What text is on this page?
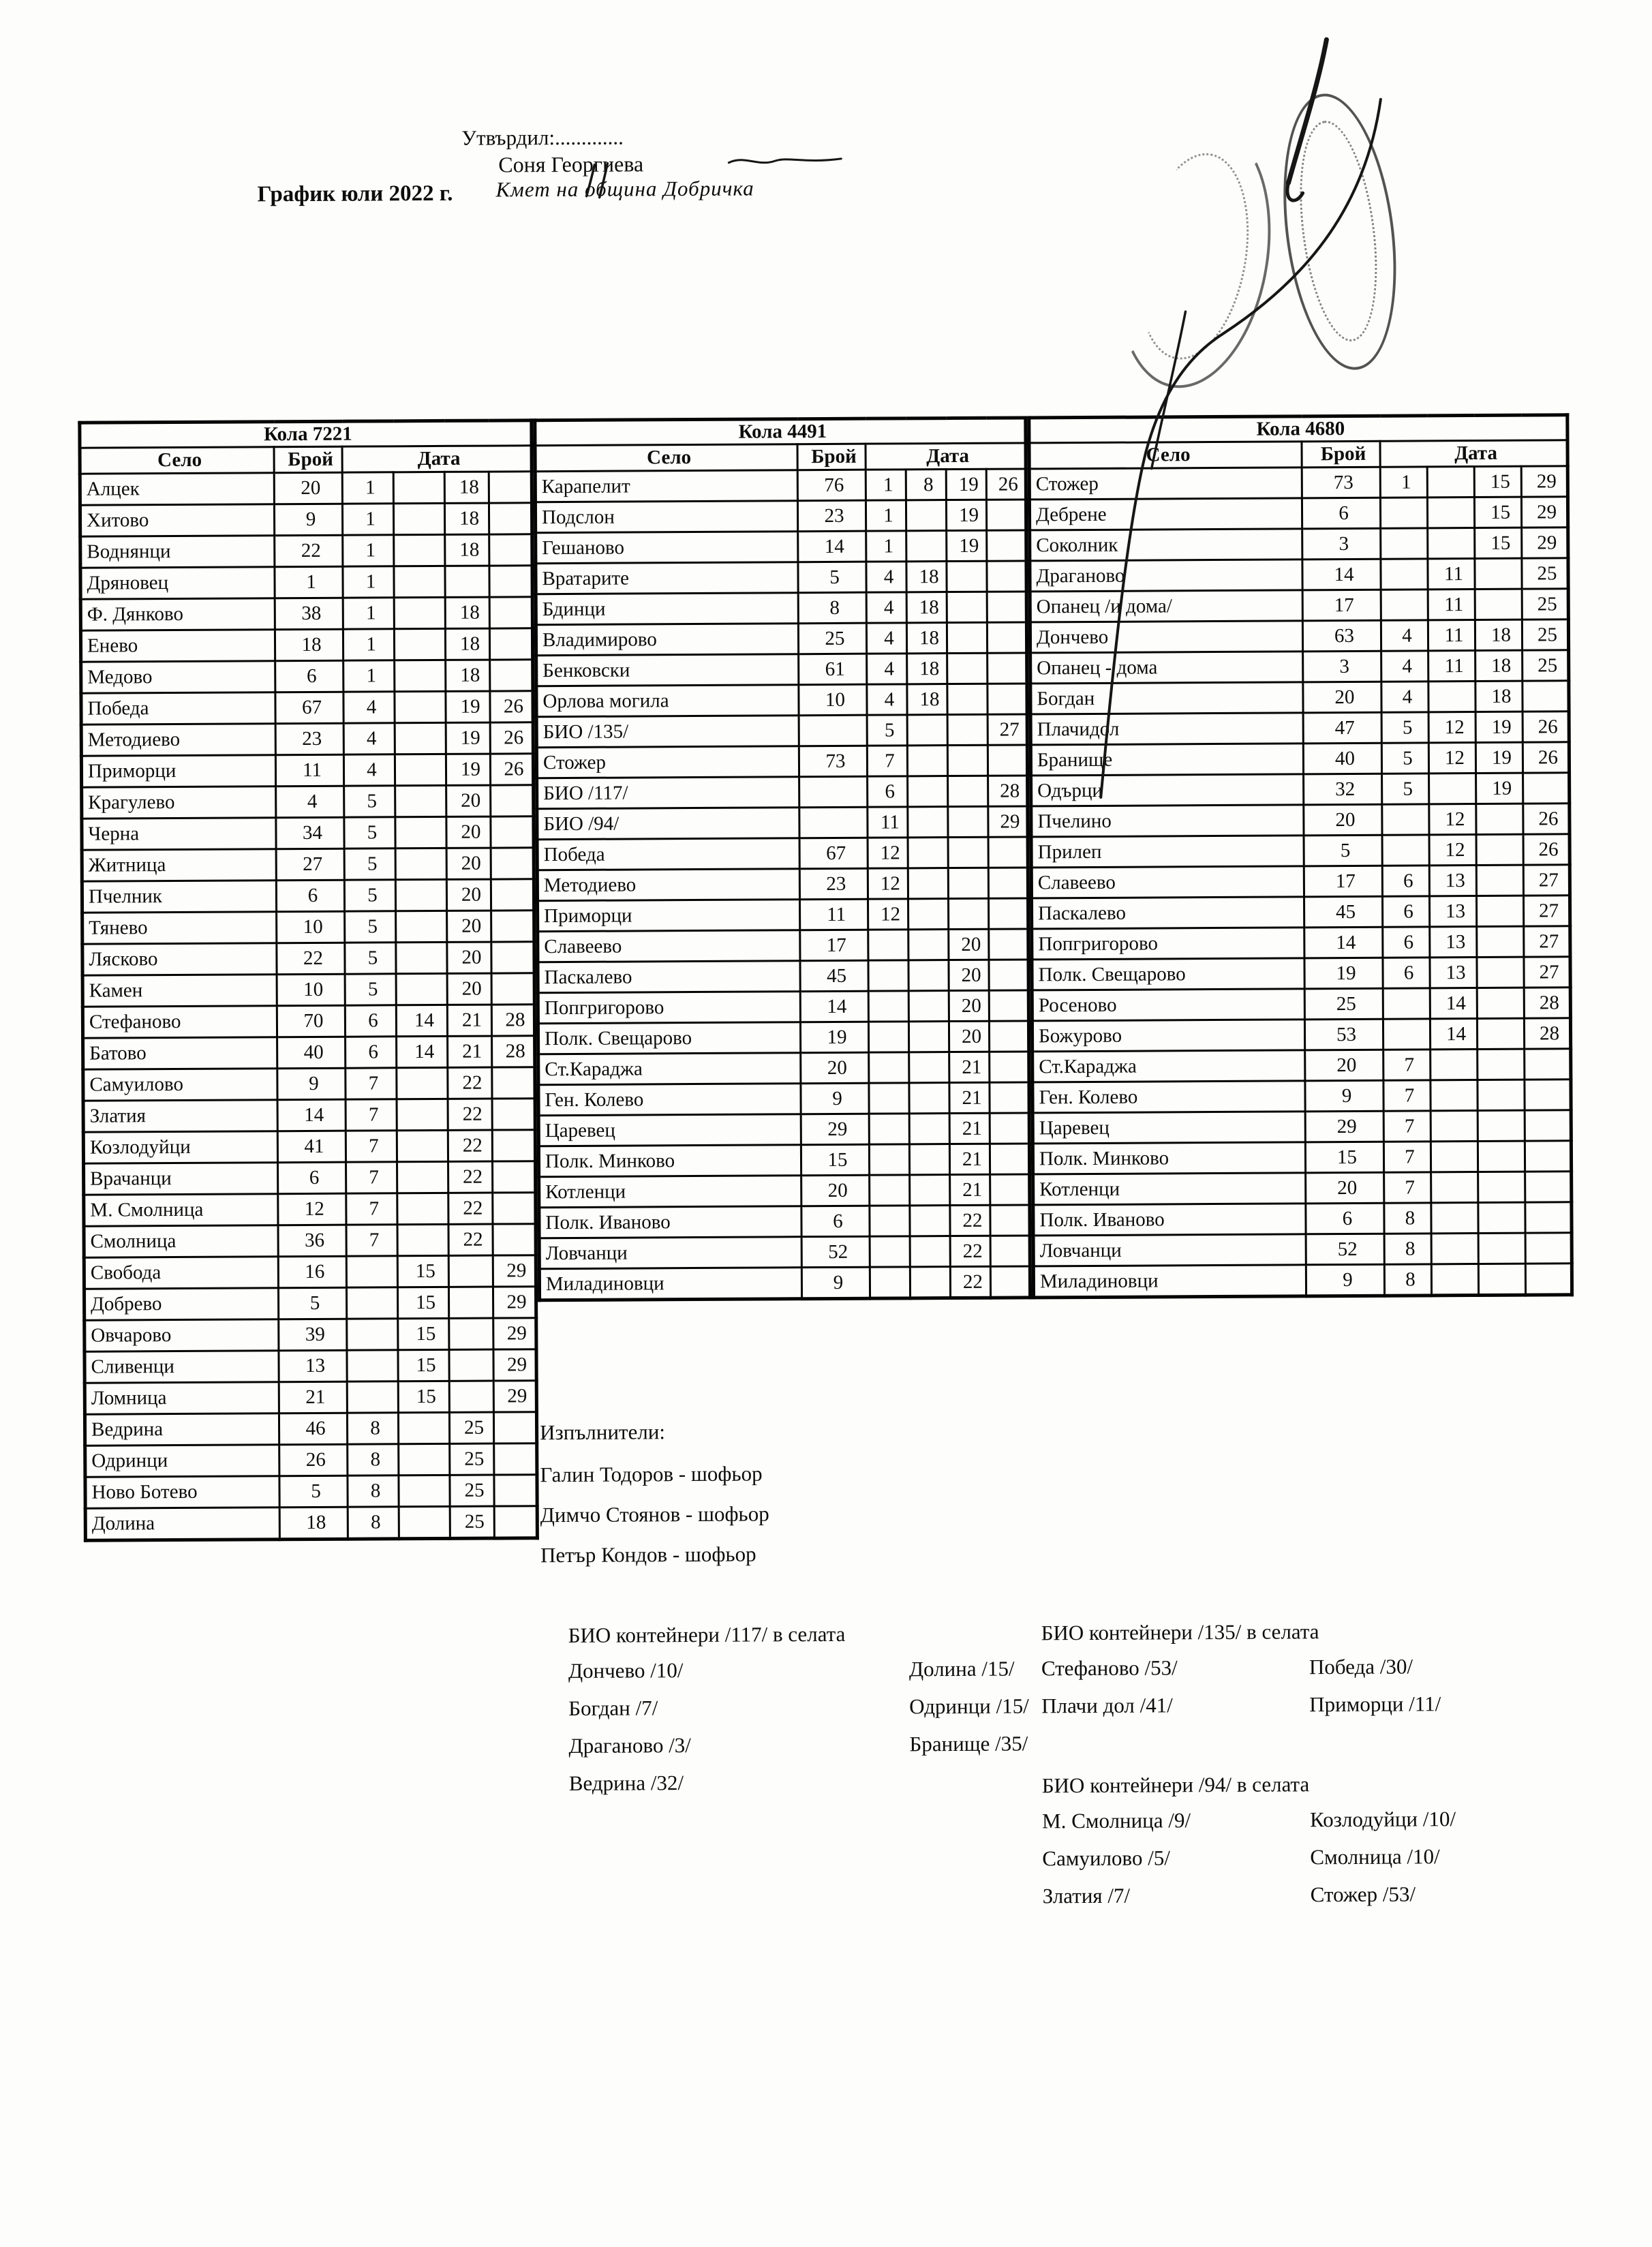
Утвърдил:.............
Соня Георгиева
Кмет на община Добричка
График юли 2022 г.
Кола 7221					
Село	Брой	Дата			
Алцек	20	1		18	
Хитово	9	1		18	
Воднянци	22	1		18	
Дряновец	1	1			
Ф. Дянково	38	1		18	
Енево	18	1		18	
Медово	6	1		18	
Победа	67	4		19	26
Методиево	23	4		19	26
Приморци	11	4		19	26
Крагулево	4	5		20	
Черна	34	5		20	
Житница	27	5		20	
Пчелник	6	5		20	
Тянево	10	5		20	
Лясково	22	5		20	
Камен	10	5		20	
Стефаново	70	6	14	21	28
Батово	40	6	14	21	28
Самуилово	9	7		22	
Златия	14	7		22	
Козлодуйци	41	7		22	
Врачанци	6	7		22	
М. Смолница	12	7		22	
Смолница	36	7		22	
Свобода	16		15		29
Добрево	5		15		29
Овчарово	39		15		29
Сливенци	13		15		29
Ломница	21		15		29
Ведрина	46	8		25	
Одринци	26	8		25	
Ново Ботево	5	8		25	
Долина	18	8		25	
Кола 4491					
Село	Брой	Дата			
Карапелит	76	1	8	19	26
Подслон	23	1		19	
Гешаново	14	1		19	
Вратарите	5	4	18		
Бдинци	8	4	18		
Владимирово	25	4	18		
Бенковски	61	4	18		
Орлова могила	10	4	18		
БИО /135/		5			27
Стожер	73	7			
БИО /117/		6			28
БИО /94/		11			29
Победа	67	12			
Методиево	23	12			
Приморци	11	12			
Славеево	17			20	
Паскалево	45			20	
Попгригорово	14			20	
Полк. Свещарово	19			20	
Ст.Караджа	20			21	
Ген. Колево	9			21	
Царевец	29			21	
Полк. Минково	15			21	
Котленци	20			21	
Полк. Иваново	6			22	
Ловчанци	52			22	
Миладиновци	9			22	
Кола 4680					
Село	Брой	Дата			
Стожер	73	1		15	29
Дебрене	6			15	29
Соколник	3			15	29
Драганово	14		11		25
Опанец /и дома/	17		11		25
Дончево	63	4	11	18	25
Опанец - дома	3	4	11	18	25
Богдан	20	4		18	
Плачидол	47	5	12	19	26
Бранище	40	5	12	19	26
Одърци	32	5		19	
Пчелино	20		12		26
Прилеп	5		12		26
Славеево	17	6	13		27
Паскалево	45	6	13		27
Попгригорово	14	6	13		27
Полк. Свещарово	19	6	13		27
Росеново	25		14		28
Божурово	53		14		28
Ст.Караджа	20	7			
Ген. Колево	9	7			
Царевец	29	7			
Полк. Минково	15	7			
Котленци	20	7			
Полк. Иваново	6	8			
Ловчанци	52	8			
Миладиновци	9	8			
Изпълнители:
Галин Тодоров - шофьор
Димчо Стоянов - шофьор
Петър Кондов - шофьор
БИО контейнери /117/ в селата
Дончево /10/
Богдан /7/
Драганово /3/
Ведрина /32/
Долина /15/
Одринци /15/
Бранище /35/
БИО контейнери /135/ в селата
Стефаново /53/
Плачи дол /41/
Победа /30/
Приморци /11/
БИО контейнери /94/ в селата
М. Смолница /9/
Самуилово /5/
Златия /7/
Козлодуйци /10/
Смолница /10/
Стожер /53/
